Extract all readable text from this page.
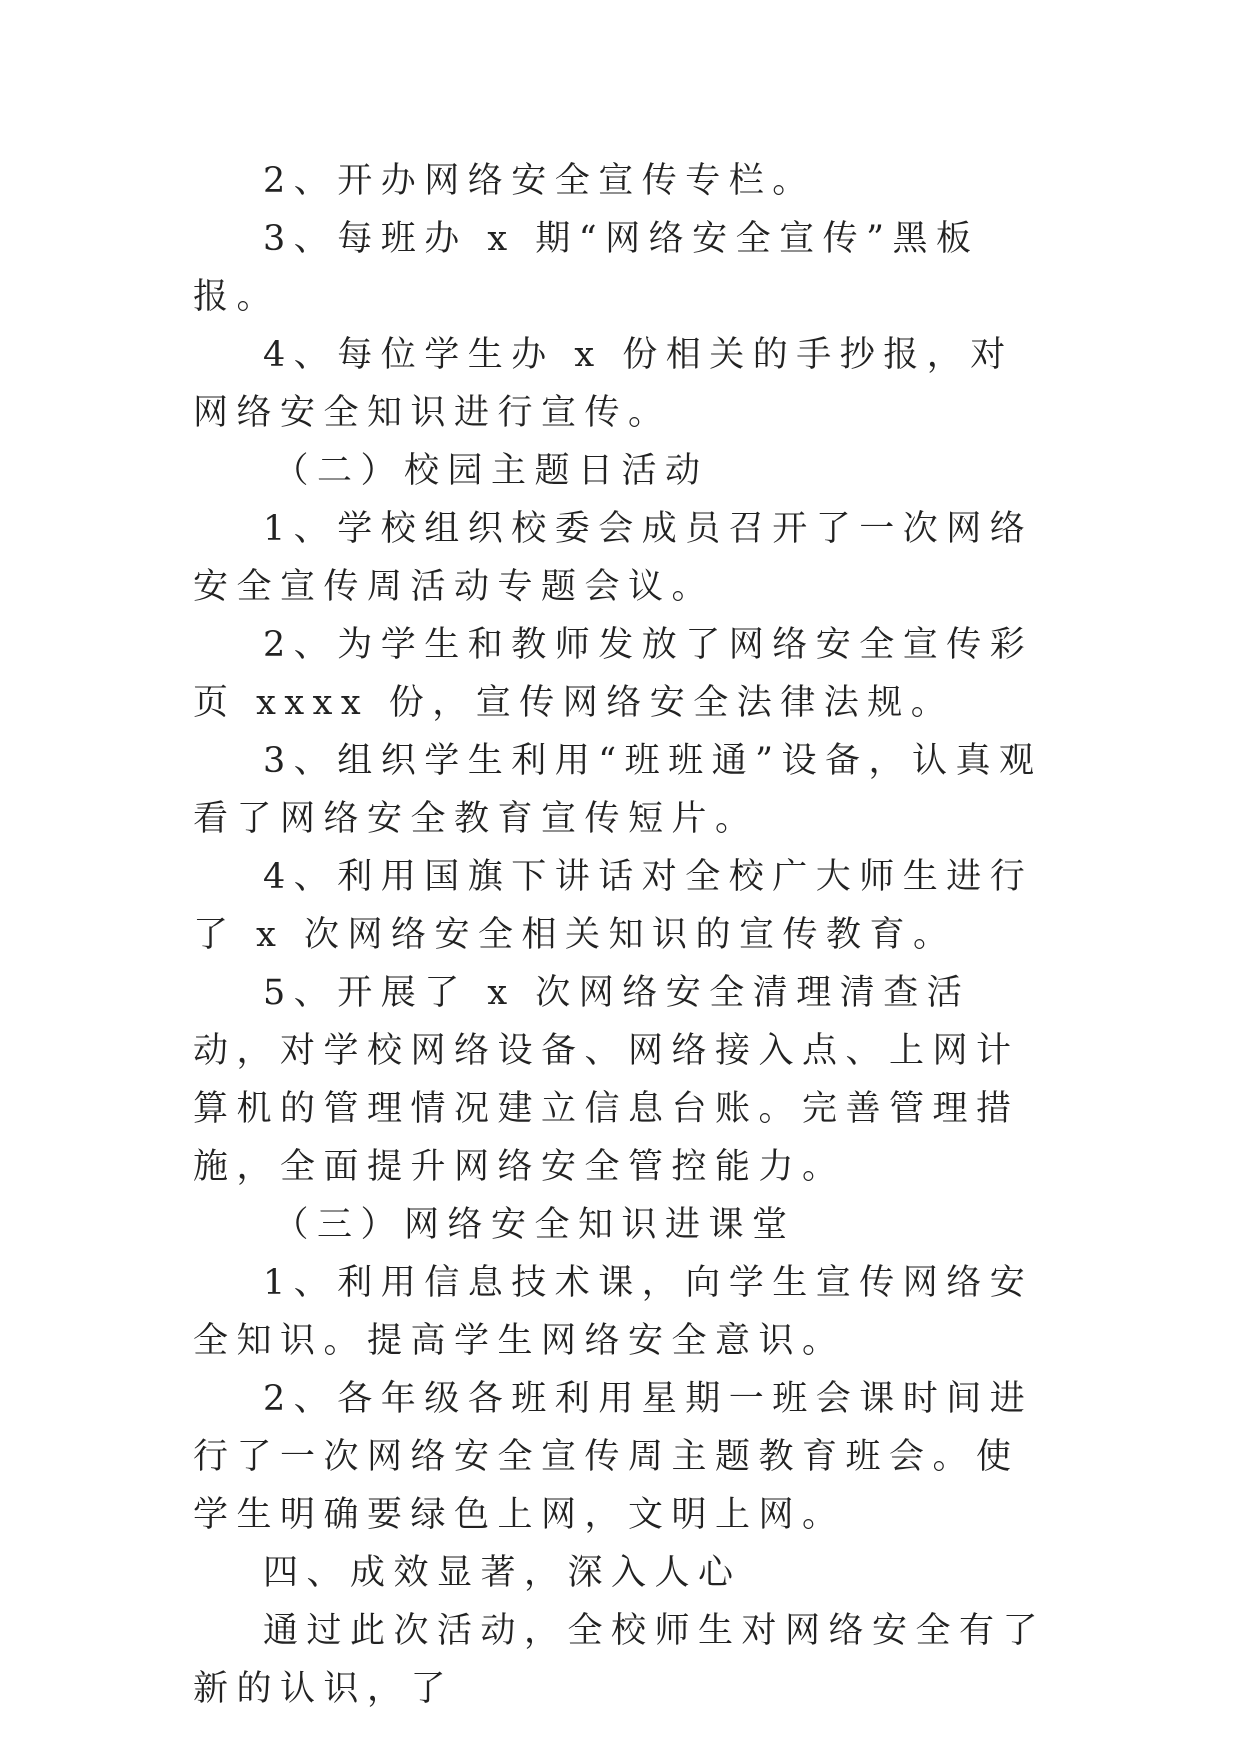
2、开办网络安全宣传专栏。

3、每班办 x 期“网络安全宣传”黑板报。

4、每位学生办 x 份相关的手抄报，对网络安全知识进行宣传。

（二）校园主题日活动

1、学校组织校委会成员召开了一次网络安全宣传周活动专题会议。

2、为学生和教师发放了网络安全宣传彩页 xxxx 份，宣传网络安全法律法规。

3、组织学生利用“班班通”设备，认真观看了网络安全教育宣传短片。

4、利用国旗下讲话对全校广大师生进行了 x 次网络安全相关知识的宣传教育。

5、开展了 x 次网络安全清理清查活动，对学校网络设备、网络接入点、上网计算机的管理情况建立信息台账。完善管理措施，全面提升网络安全管控能力。

（三）网络安全知识进课堂

1、利用信息技术课，向学生宣传网络安全知识。提高学生网络安全意识。

2、各年级各班利用星期一班会课时间进行了一次网络安全宣传周主题教育班会。使学生明确要绿色上网，文明上网。

四、成效显著，深入人心

通过此次活动，全校师生对网络安全有了新的认识，了
